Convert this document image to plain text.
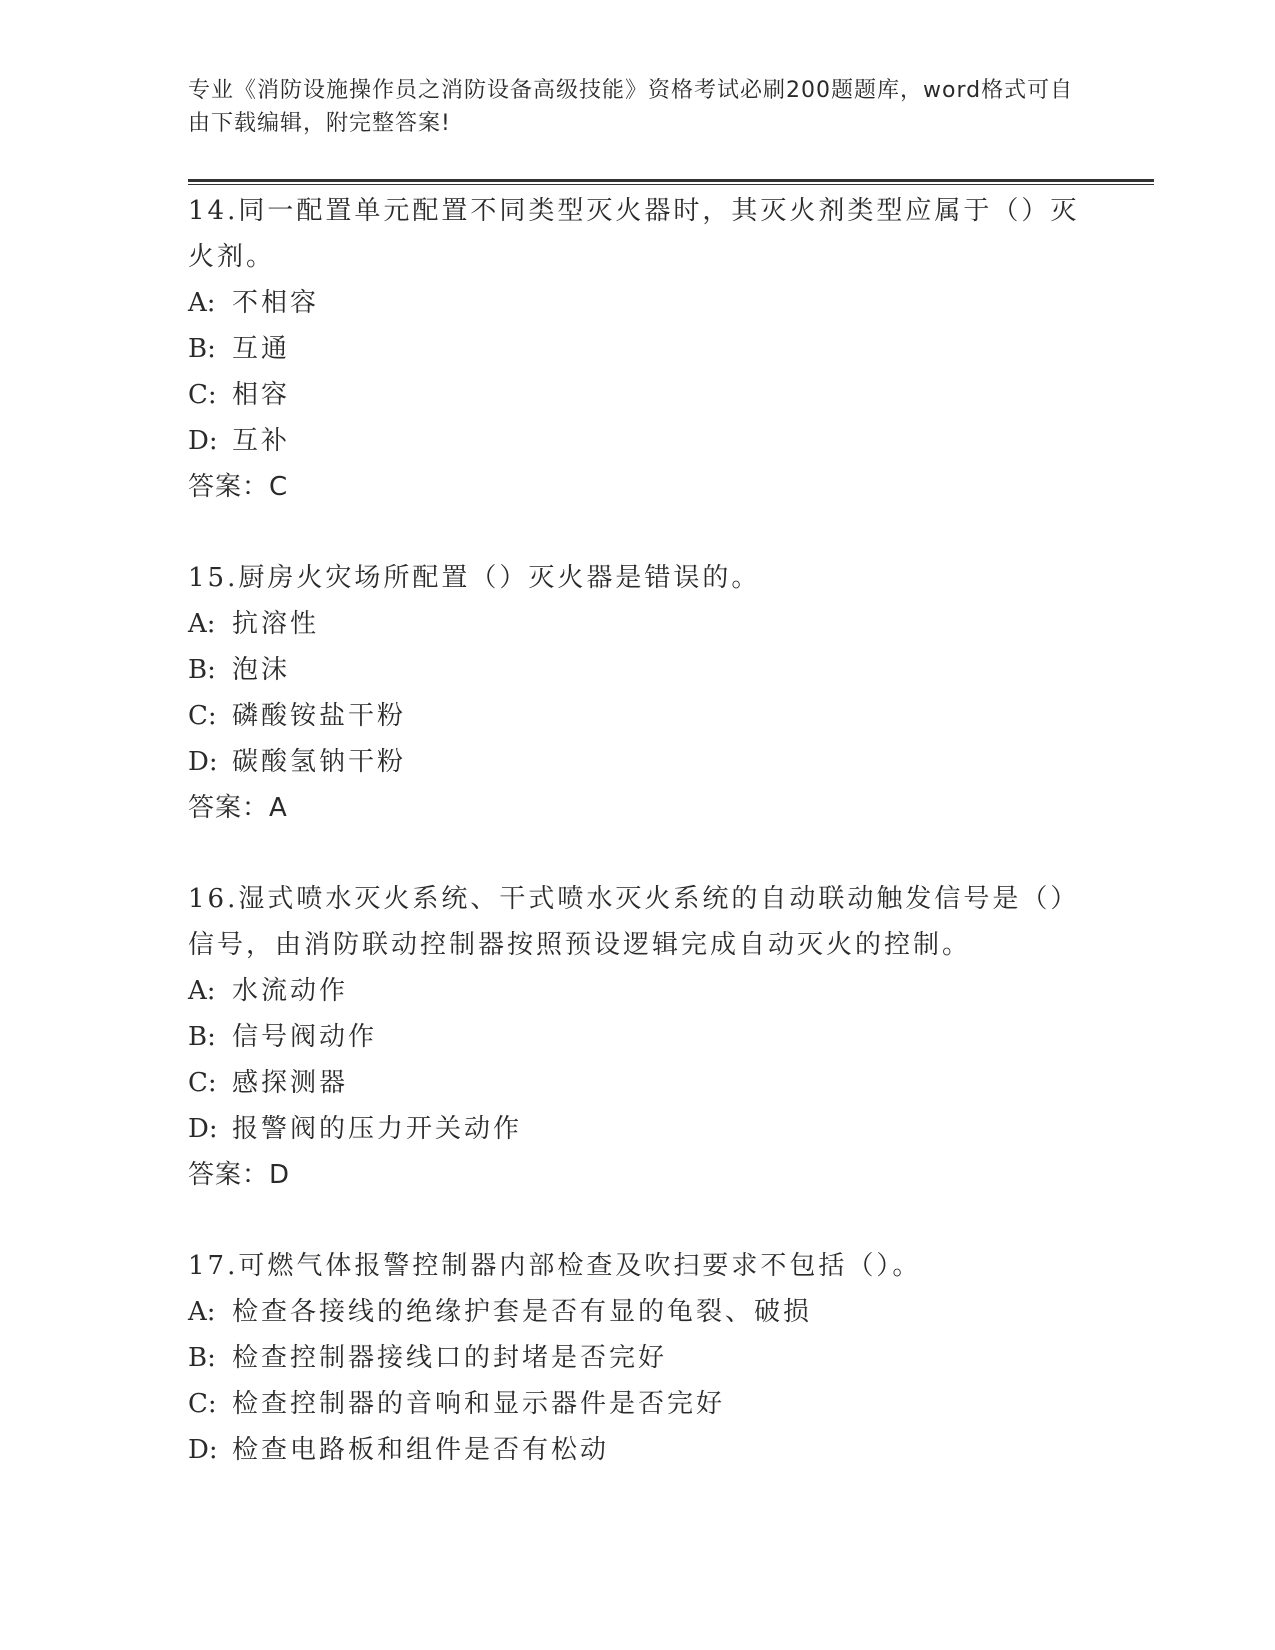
专业《消防设施操作员之消防设备高级技能》资格考试必刷200题题库，word格式可自由下载编辑，附完整答案!

14.同一配置单元配置不同类型灭火器时，其灭火剂类型应属于（）灭火剂。

A: 不相容
B: 互通
C: 相容
D: 互补
答案：C

15.厨房火灾场所配置（）灭火器是错误的。

A: 抗溶性
B: 泡沫
C: 磷酸铵盐干粉
D: 碳酸氢钠干粉
答案：A

16.湿式喷水灭火系统、干式喷水灭火系统的自动联动触发信号是（）信号，由消防联动控制器按照预设逻辑完成自动灭火的控制。

A: 水流动作
B: 信号阀动作
C: 感探测器
D: 报警阀的压力开关动作
答案：D

17.可燃气体报警控制器内部检查及吹扫要求不包括（）。

A: 检查各接线的绝缘护套是否有显的龟裂、破损
B: 检查控制器接线口的封堵是否完好
C: 检查控制器的音响和显示器件是否完好
D: 检查电路板和组件是否有松动
